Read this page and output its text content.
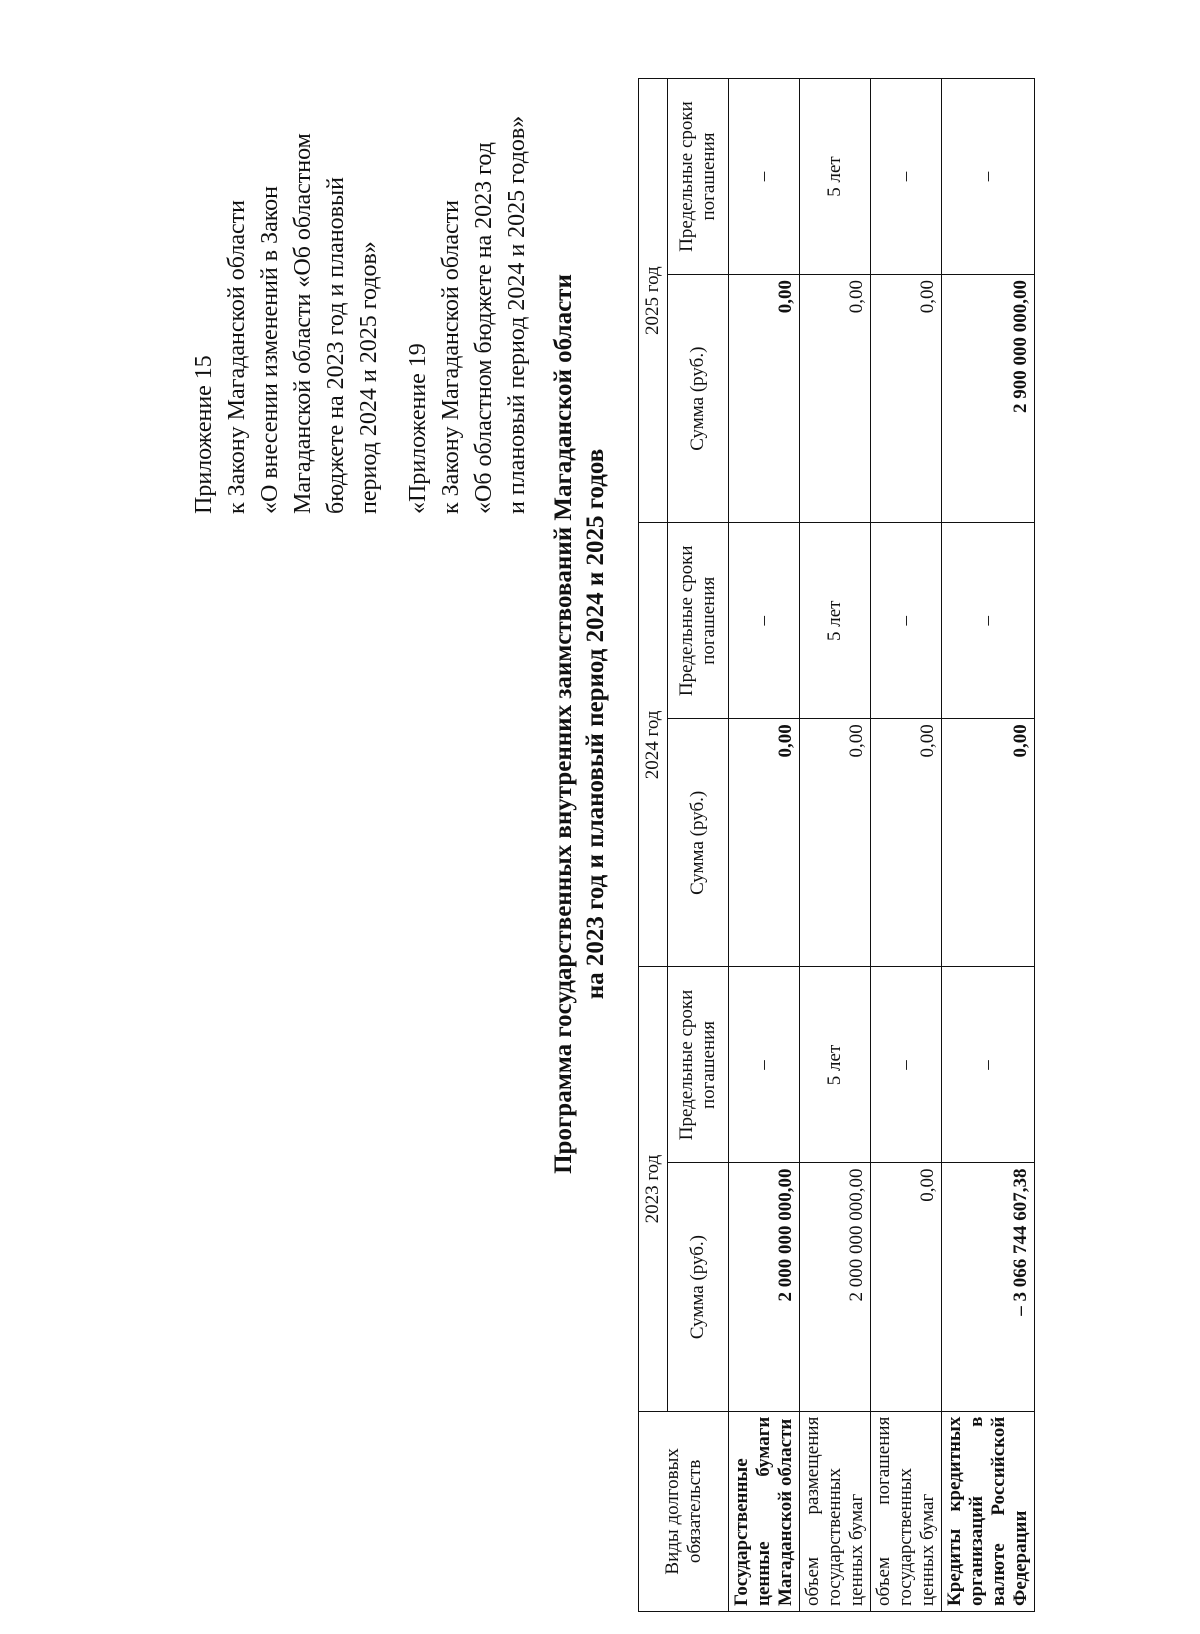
Приложение 15 к Закону Магаданской области «О внесении изменений в Закон Магаданской области «Об областном бюджете на 2023 год и плановый период 2024 и 2025 годов» «Приложение 19 к Закону Магаданской области «Об областном бюджете на 2023 год и плановый период 2024 и 2025 годов» Программа государственных внутренних заимствований Магаданской области на 2023 год и плановый период 2024 и 2025 годов
Виды долговых обязательств	2023 год		2024 год		2025 год	
	Сумма (руб.)	Предельные сроки погашения	Сумма (руб.)	Предельные сроки погашения	Сумма (руб.)	Предельные сроки погашения
Государственные ценные бумаги Магаданской области	2 000 000 000,00	–	0,00	–	0,00	–
объем размещения государственных ценных бумаг	2 000 000 000,00	5 лет	0,00	5 лет	0,00	5 лет
объем погашения государственных ценных бумаг	0,00	–	0,00	–	0,00	–
Кредиты кредитных организаций в валюте Российской Федерации	– 3 066 744 607,38	–	0,00	–	2 900 000 000,00	–
